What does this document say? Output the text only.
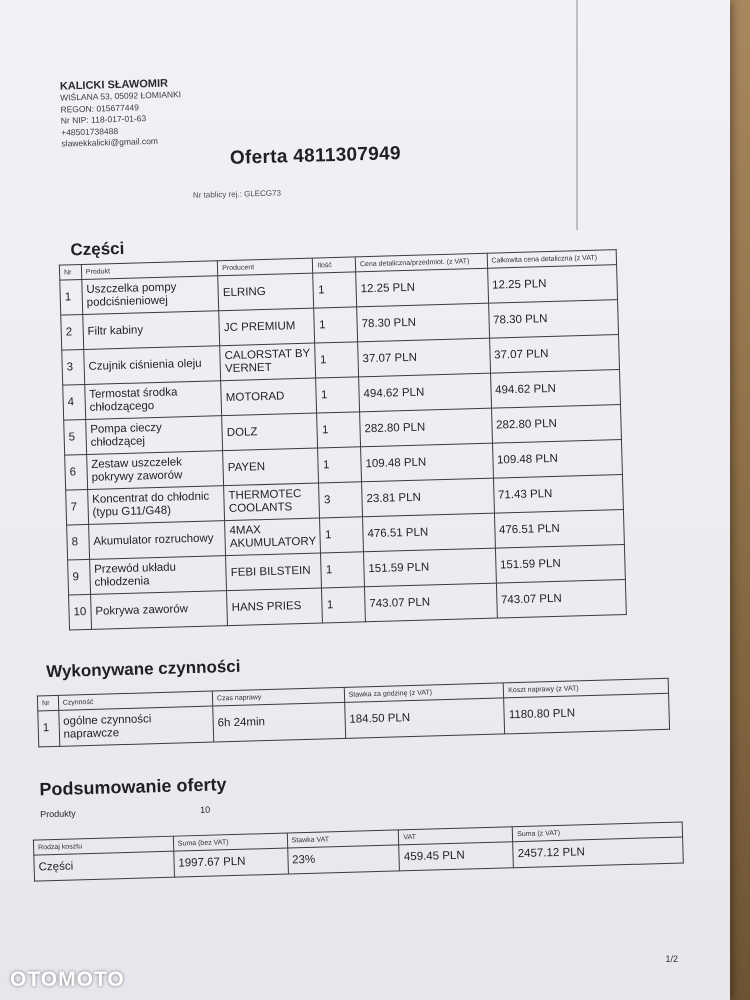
KALICKI SŁAWOMIR
WIŚLANA 53, 05092 ŁOMIANKI
REGON: 015677449
Nr NIP: 118-017-01-63
+48501738488
slawekkalicki@gmail.com
Oferta 4811307949
Nr tablicy rej.: GLECG73
Części
Nr	Produkt	Producent	Ilość	Cena detaliczna/przedmiot. (z VAT)	Całkowita cena detaliczna (z VAT)
1	Uszczelka pompy podciśnieniowej	ELRING	1	12.25 PLN	12.25 PLN
2	Filtr kabiny	JC PREMIUM	1	78.30 PLN	78.30 PLN
3	Czujnik ciśnienia oleju	CALORSTAT BY VERNET	1	37.07 PLN	37.07 PLN
4	Termostat środka chłodzącego	MOTORAD	1	494.62 PLN	494.62 PLN
5	Pompa cieczy chłodzącej	DOLZ	1	282.80 PLN	282.80 PLN
6	Zestaw uszczelek pokrywy zaworów	PAYEN	1	109.48 PLN	109.48 PLN
7	Koncentrat do chłodnic (typu G11/G48)	THERMOTEC COOLANTS	3	23.81 PLN	71.43 PLN
8	Akumulator rozruchowy	4MAX AKUMULATORY	1	476.51 PLN	476.51 PLN
9	Przewód układu chłodzenia	FEBI BILSTEIN	1	151.59 PLN	151.59 PLN
10	Pokrywa zaworów	HANS PRIES	1	743.07 PLN	743.07 PLN
Wykonywane czynności
Nr	Czynność	Czas naprawy	Stawka za godzinę (z VAT)	Koszt naprawy (z VAT)
1	ogólne czynności naprawcze	6h 24min	184.50 PLN	1180.80 PLN
Podsumowanie oferty
Produkty	10
Rodzaj kosztu	Suma (bez VAT)	Stawka VAT	VAT	Suma (z VAT)
Części	1997.67 PLN	23%	459.45 PLN	2457.12 PLN
1/2
OTOMOTO
